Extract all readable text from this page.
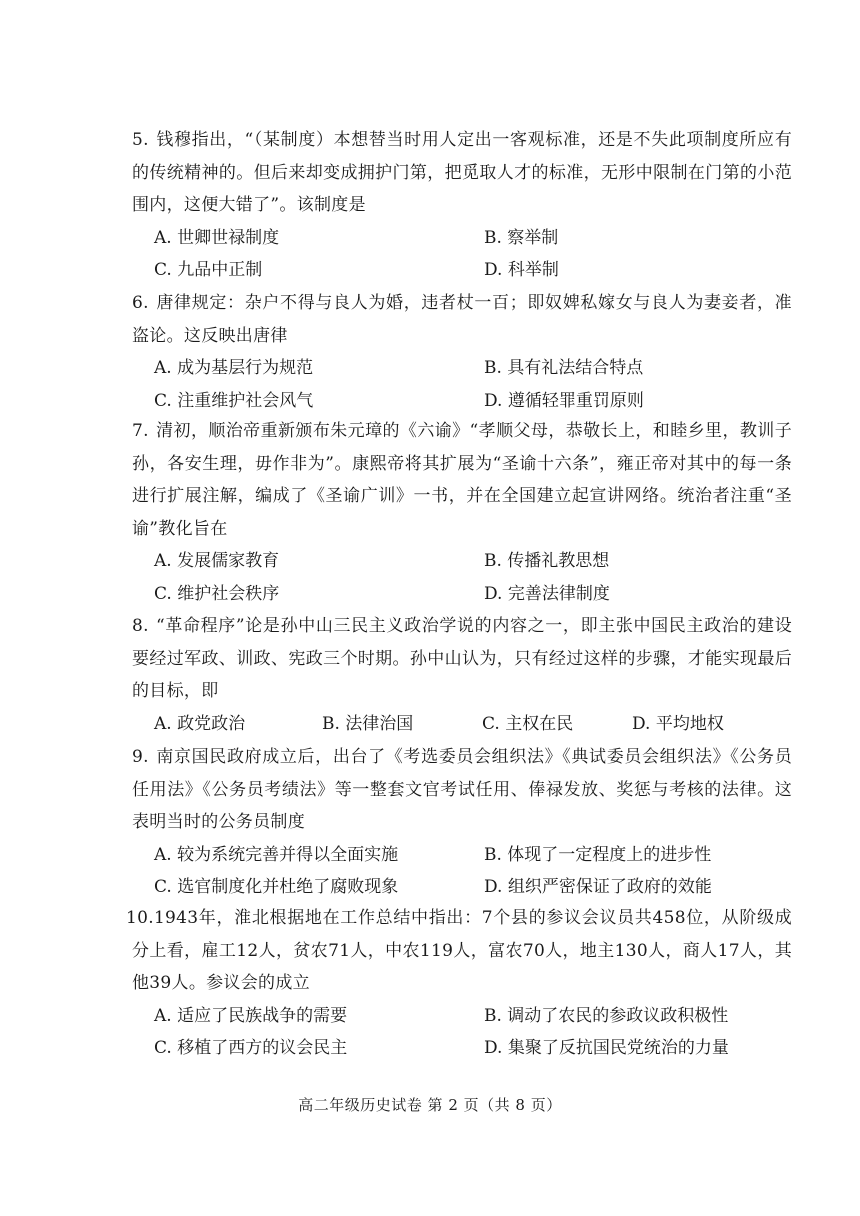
5. 钱穆指出，“（某制度）本想替当时用人定出一客观标准，还是不失此项制度所应有的传统精神的。但后来却变成拥护门第，把觅取人才的标准，无形中限制在门第的小范围内，这便大错了”。该制度是

A. 世卿世禄制度	B. 察举制
C. 九品中正制	D. 科举制

6. 唐律规定：杂户不得与良人为婚，违者杖一百；即奴婢私嫁女与良人为妻妾者，准盗论。这反映出唐律

A. 成为基层行为规范	B. 具有礼法结合特点
C. 注重维护社会风气	D. 遵循轻罪重罚原则

7. 清初，顺治帝重新颁布朱元璋的《六谕》“孝顺父母，恭敬长上，和睦乡里，教训子孙，各安生理，毋作非为”。康熙帝将其扩展为“圣谕十六条”，雍正帝对其中的每一条进行扩展注解，编成了《圣谕广训》一书，并在全国建立起宣讲网络。统治者注重“圣谕”教化旨在

A. 发展儒家教育	B. 传播礼教思想
C. 维护社会秩序	D. 完善法律制度

8. “革命程序”论是孙中山三民主义政治学说的内容之一，即主张中国民主政治的建设要经过军政、训政、宪政三个时期。孙中山认为，只有经过这样的步骤，才能实现最后的目标，即

A. 政党政治	B. 法律治国	C. 主权在民	D. 平均地权

9. 南京国民政府成立后，出台了《考选委员会组织法》《典试委员会组织法》《公务员任用法》《公务员考绩法》等一整套文官考试任用、俸禄发放、奖惩与考核的法律。这表明当时的公务员制度

A. 较为系统完善并得以全面实施	B. 体现了一定程度上的进步性
C. 选官制度化并杜绝了腐败现象	D. 组织严密保证了政府的效能

10.1943年，淮北根据地在工作总结中指出：7个县的参议会议员共458位，从阶级成分上看，雇工12人，贫农71人，中农119人，富农70人，地主130人，商人17人，其他39人。参议会的成立

A. 适应了民族战争的需要	B. 调动了农民的参政议政积极性
C. 移植了西方的议会民主	D. 集聚了反抗国民党统治的力量
高二年级历史试卷 第 2 页（共 8 页）
